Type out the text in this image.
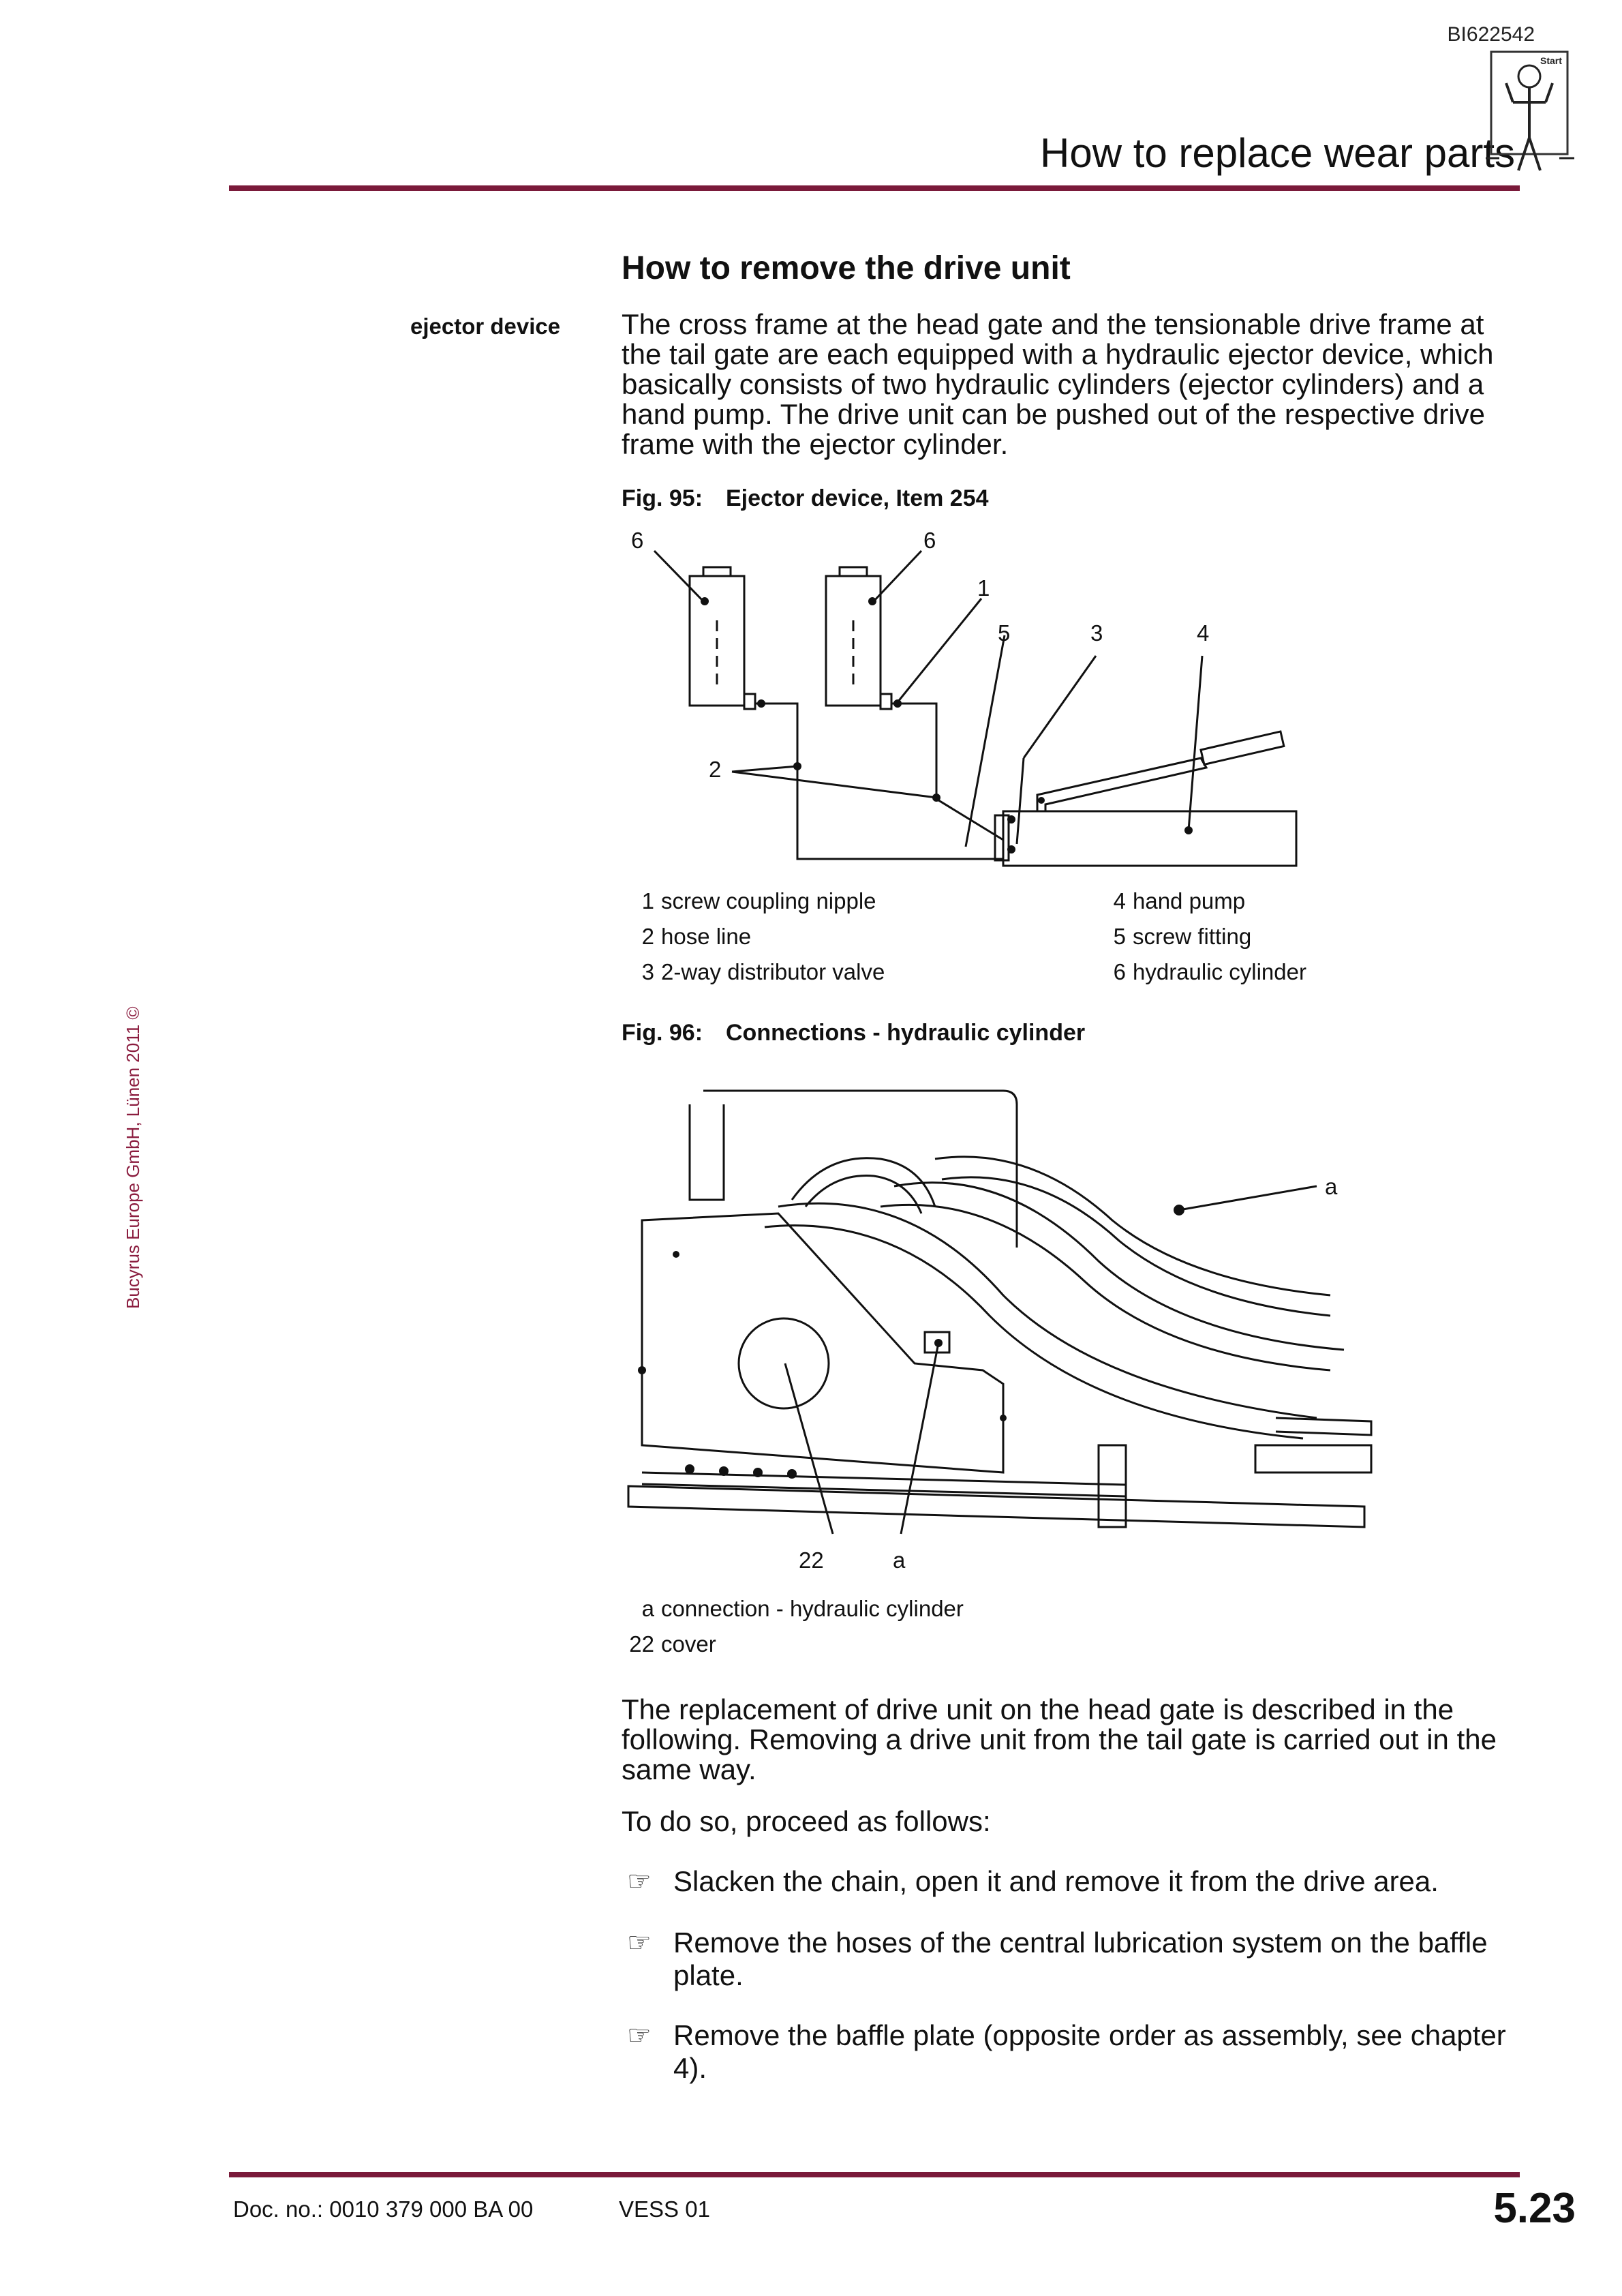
BI622542
How to replace wear parts
Start
Bucyrus Europe GmbH, Lünen 2011 ©
How to remove the drive unit
ejector device The cross frame at the head gate and the tensionable drive frame at the tail gate are each equipped with a hydraulic ejector device, which basically consists of two hydraulic cylinders (ejector cylinders) and a hand pump. The drive unit can be pushed out of the respective drive frame with the ejector cylinder.
Fig. 95: Ejector device, Item 254
6	6
1
5	3	4
2
1 screw coupling nipple
2 hose line
3 2-way distributor valve
4 hand pump
5 screw fitting
6 hydraulic cylinder
Fig. 96: Connections - hydraulic cylinder
a
22	a
a connection - hydraulic cylinder
22 cover
The replacement of drive unit on the head gate is described in the following. Removing a drive unit from the tail gate is carried out in the same way.
To do so, proceed as follows:
☞ Slacken the chain, open it and remove it from the drive area.
☞ Remove the hoses of the central lubrication system on the baffle plate.
☞ Remove the baffle plate (opposite order as assembly, see chapter 4).
Doc. no.: 0010 379 000 BA 00	VESS 01	5.23
